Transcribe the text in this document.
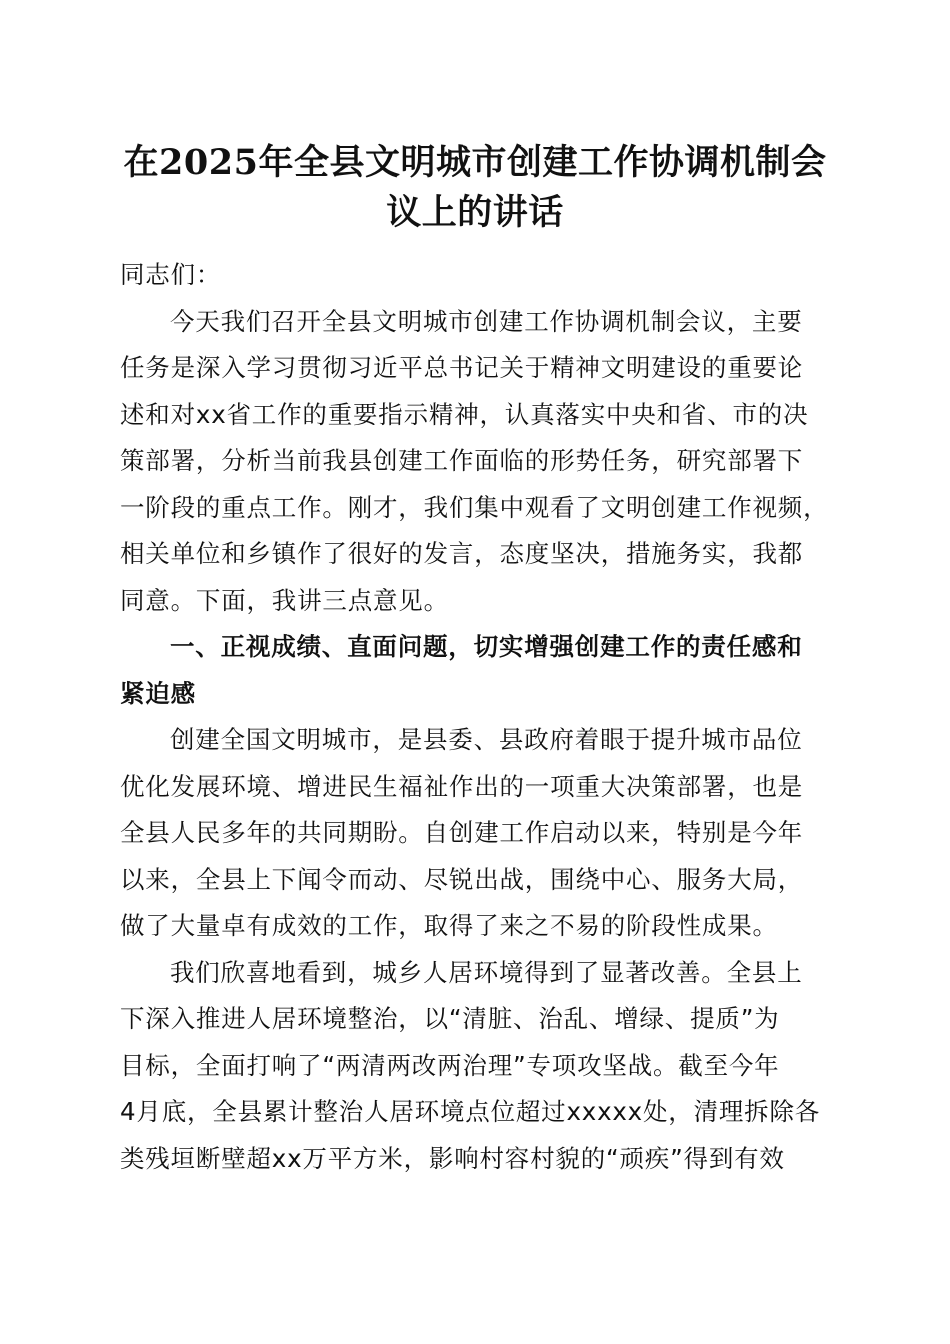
在2025年全县文明城市创建工作协调机制会
议上的讲话
同志们：
今天我们召开全县文明城市创建工作协调机制会议，主要
任务是深入学习贯彻习近平总书记关于精神文明建设的重要论
述和对xx省工作的重要指示精神，认真落实中央和省、市的决
策部署，分析当前我县创建工作面临的形势任务，研究部署下
一阶段的重点工作。刚才，我们集中观看了文明创建工作视频，
相关单位和乡镇作了很好的发言，态度坚决，措施务实，我都
同意。下面，我讲三点意见。
一、正视成绩、直面问题，切实增强创建工作的责任感和
紧迫感
创建全国文明城市，是县委、县政府着眼于提升城市品位
优化发展环境、增进民生福祉作出的一项重大决策部署，也是
全县人民多年的共同期盼。自创建工作启动以来，特别是今年
以来，全县上下闻令而动、尽锐出战，围绕中心、服务大局，
做了大量卓有成效的工作，取得了来之不易的阶段性成果。
我们欣喜地看到，城乡人居环境得到了显著改善。全县上
下深入推进人居环境整治，以“清脏、治乱、增绿、提质”为
目标，全面打响了“两清两改两治理”专项攻坚战。截至今年
4月底，全县累计整治人居环境点位超过xxxxx处，清理拆除各
类残垣断壁超xx万平方米，影响村容村貌的“顽疾”得到有效
